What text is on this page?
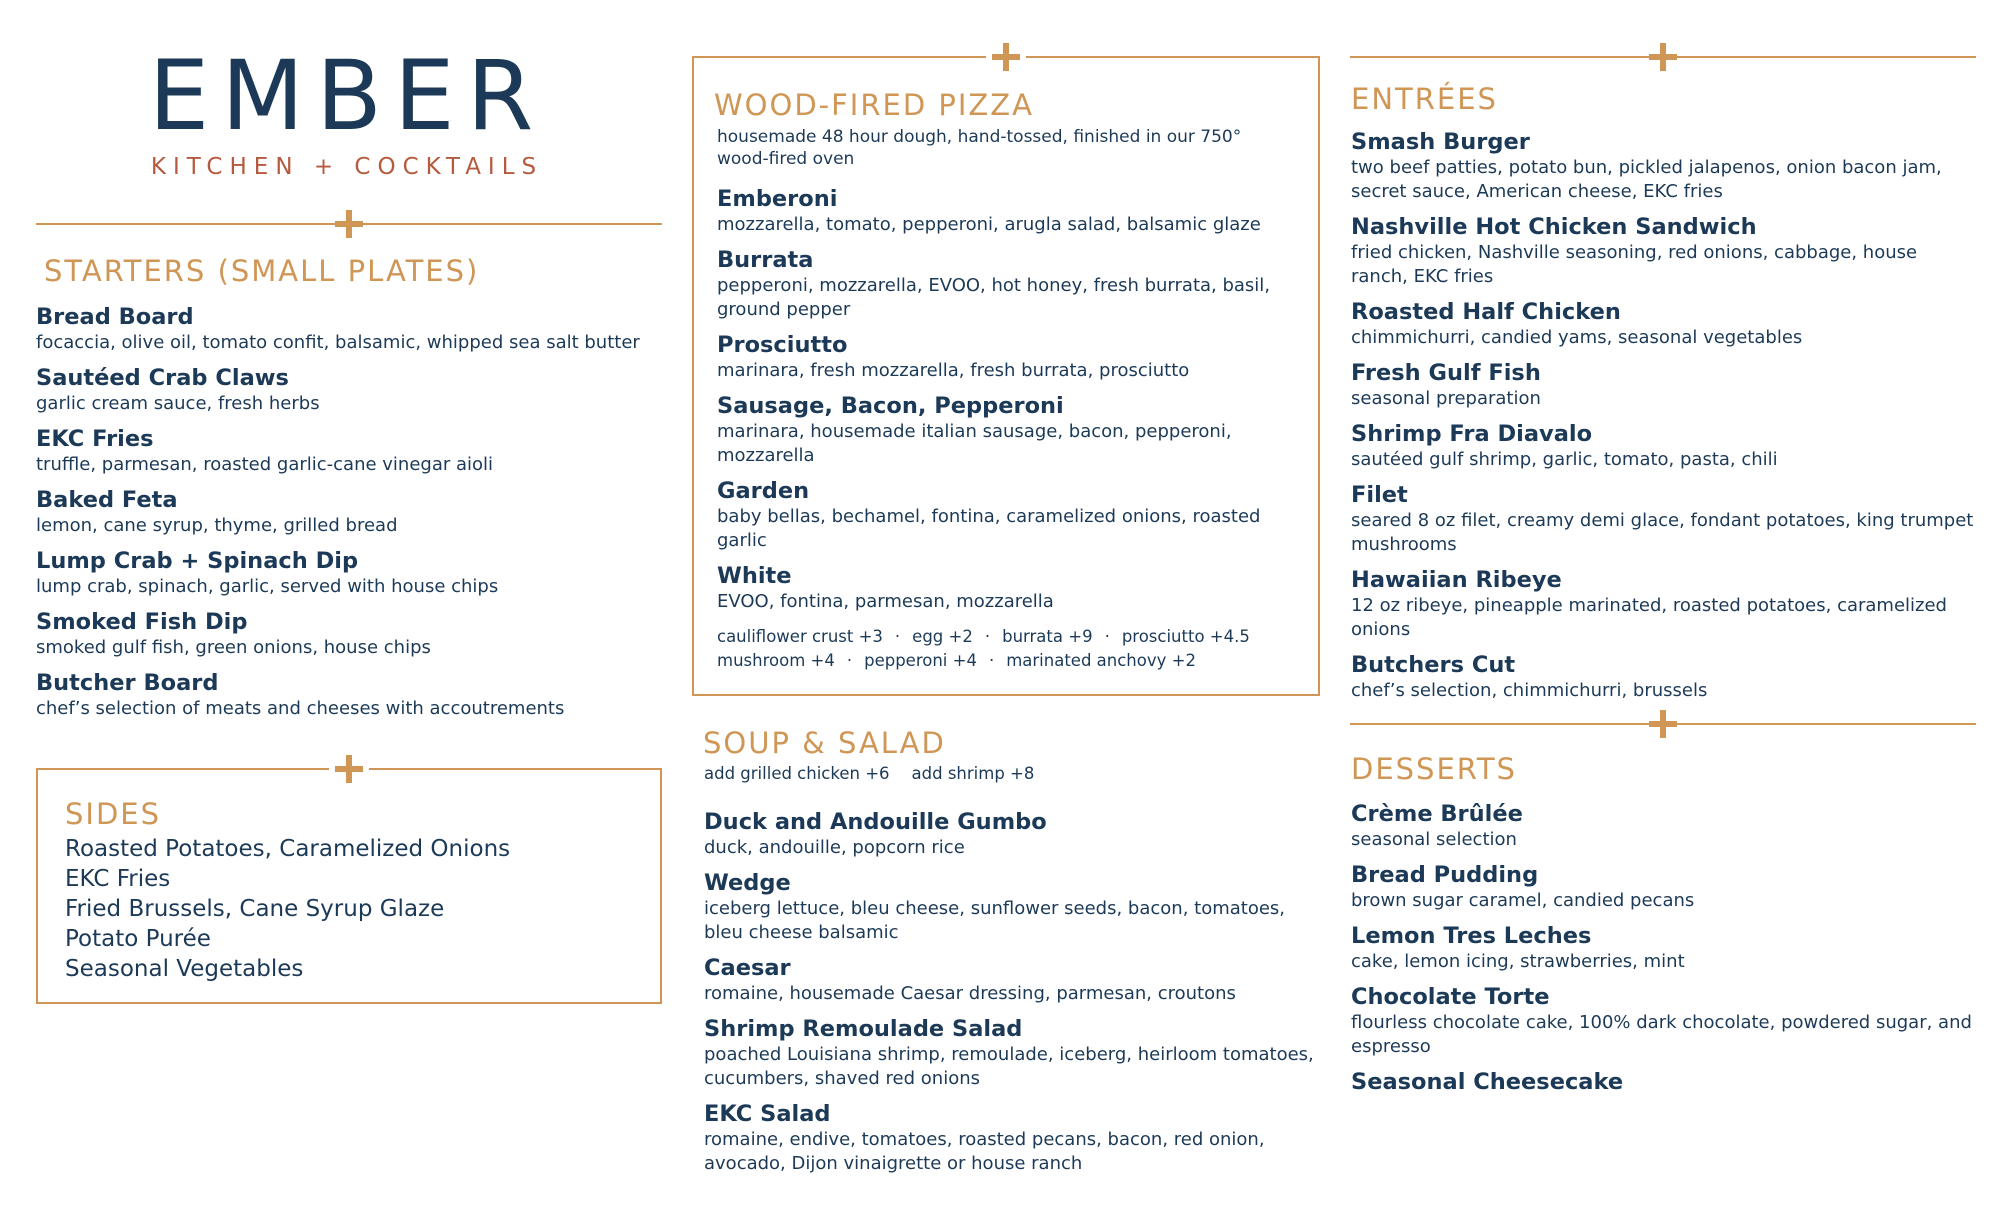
EMBER
KITCHEN + COCKTAILS
STARTERS (SMALL PLATES)
Bread Board
focaccia, olive oil, tomato confit, balsamic, whipped sea salt butter
Sautéed Crab Claws
garlic cream sauce, fresh herbs
EKC Fries
truffle, parmesan, roasted garlic-cane vinegar aioli
Baked Feta
lemon, cane syrup, thyme, grilled bread
Lump Crab + Spinach Dip
lump crab, spinach, garlic, served with house chips
Smoked Fish Dip
smoked gulf fish, green onions, house chips
Butcher Board
chef’s selection of meats and cheeses with accoutrements
SIDES
Roasted Potatoes, Caramelized Onions
EKC Fries
Fried Brussels, Cane Syrup Glaze
Potato Purée
Seasonal Vegetables
WOOD-FIRED PIZZA
housemade 48 hour dough, hand-tossed, finished in our 750° wood-fired oven
Emberoni
mozzarella, tomato, pepperoni, arugla salad, balsamic glaze
Burrata
pepperoni, mozzarella, EVOO, hot honey, fresh burrata, basil, ground pepper
Prosciutto
marinara, fresh mozzarella, fresh burrata, prosciutto
Sausage, Bacon, Pepperoni
marinara, housemade italian sausage, bacon, pepperoni, mozzarella
Garden
baby bellas, bechamel, fontina, caramelized onions, roasted garlic
White
EVOO, fontina, parmesan, mozzarella
cauliflower crust +3 · egg +2 · burrata +9 · prosciutto +4.5
mushroom +4 · pepperoni +4 · marinated anchovy +2
SOUP & SALAD
add grilled chicken +6 add shrimp +8
Duck and Andouille Gumbo
duck, andouille, popcorn rice
Wedge
iceberg lettuce, bleu cheese, sunflower seeds, bacon, tomatoes, bleu cheese balsamic
Caesar
romaine, housemade Caesar dressing, parmesan, croutons
Shrimp Remoulade Salad
poached Louisiana shrimp, remoulade, iceberg, heirloom tomatoes, cucumbers, shaved red onions
EKC Salad
romaine, endive, tomatoes, roasted pecans, bacon, red onion, avocado, Dijon vinaigrette or house ranch
ENTRÉES
Smash Burger
two beef patties, potato bun, pickled jalapenos, onion bacon jam, secret sauce, American cheese, EKC fries
Nashville Hot Chicken Sandwich
fried chicken, Nashville seasoning, red onions, cabbage, house ranch, EKC fries
Roasted Half Chicken
chimmichurri, candied yams, seasonal vegetables
Fresh Gulf Fish
seasonal preparation
Shrimp Fra Diavalo
sautéed gulf shrimp, garlic, tomato, pasta, chili
Filet
seared 8 oz filet, creamy demi glace, fondant potatoes, king trumpet mushrooms
Hawaiian Ribeye
12 oz ribeye, pineapple marinated, roasted potatoes, caramelized onions
Butchers Cut
chef’s selection, chimmichurri, brussels
DESSERTS
Crème Brûlée
seasonal selection
Bread Pudding
brown sugar caramel, candied pecans
Lemon Tres Leches
cake, lemon icing, strawberries, mint
Chocolate Torte
flourless chocolate cake, 100% dark chocolate, powdered sugar, and espresso
Seasonal Cheesecake
